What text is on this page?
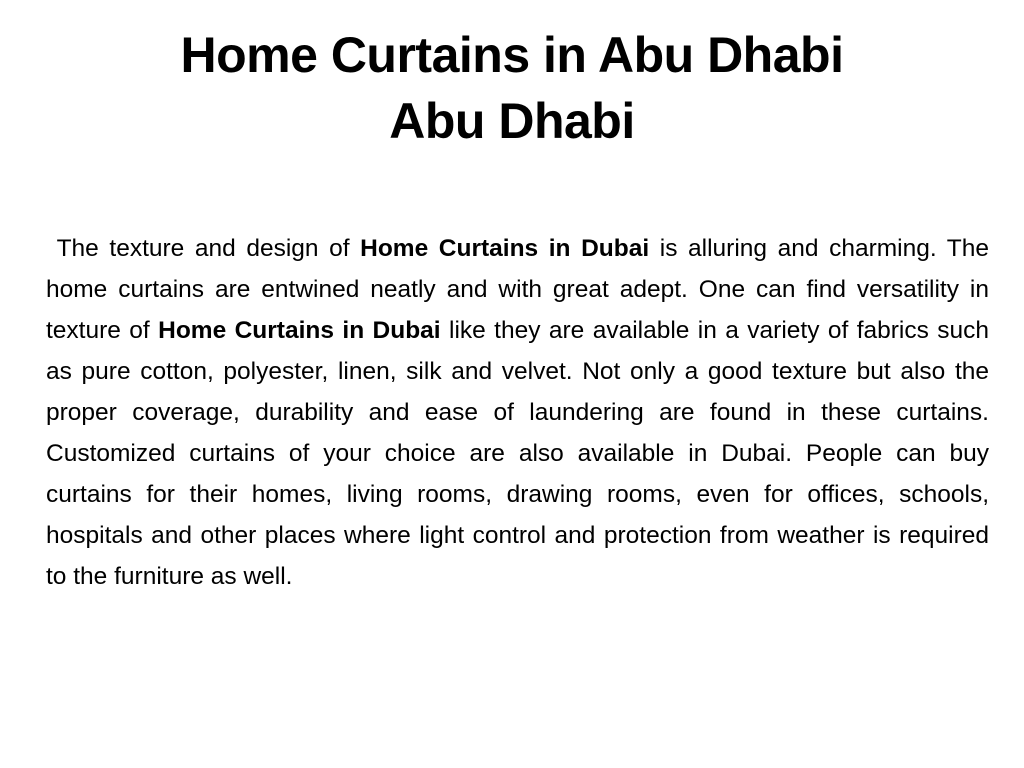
Home Curtains in Abu Dhabi
Abu Dhabi

The texture and design of Home Curtains in Dubai is alluring and charming. The home curtains are entwined neatly and with great adept. One can find versatility in texture of Home Curtains in Dubai like they are available in a variety of fabrics such as pure cotton, polyester, linen, silk and velvet. Not only a good texture but also the proper coverage, durability and ease of laundering are found in these curtains. Customized curtains of your choice are also available in Dubai. People can buy curtains for their homes, living rooms, drawing rooms, even for offices, schools, hospitals and other places where light control and protection from weather is required to the furniture as well.
